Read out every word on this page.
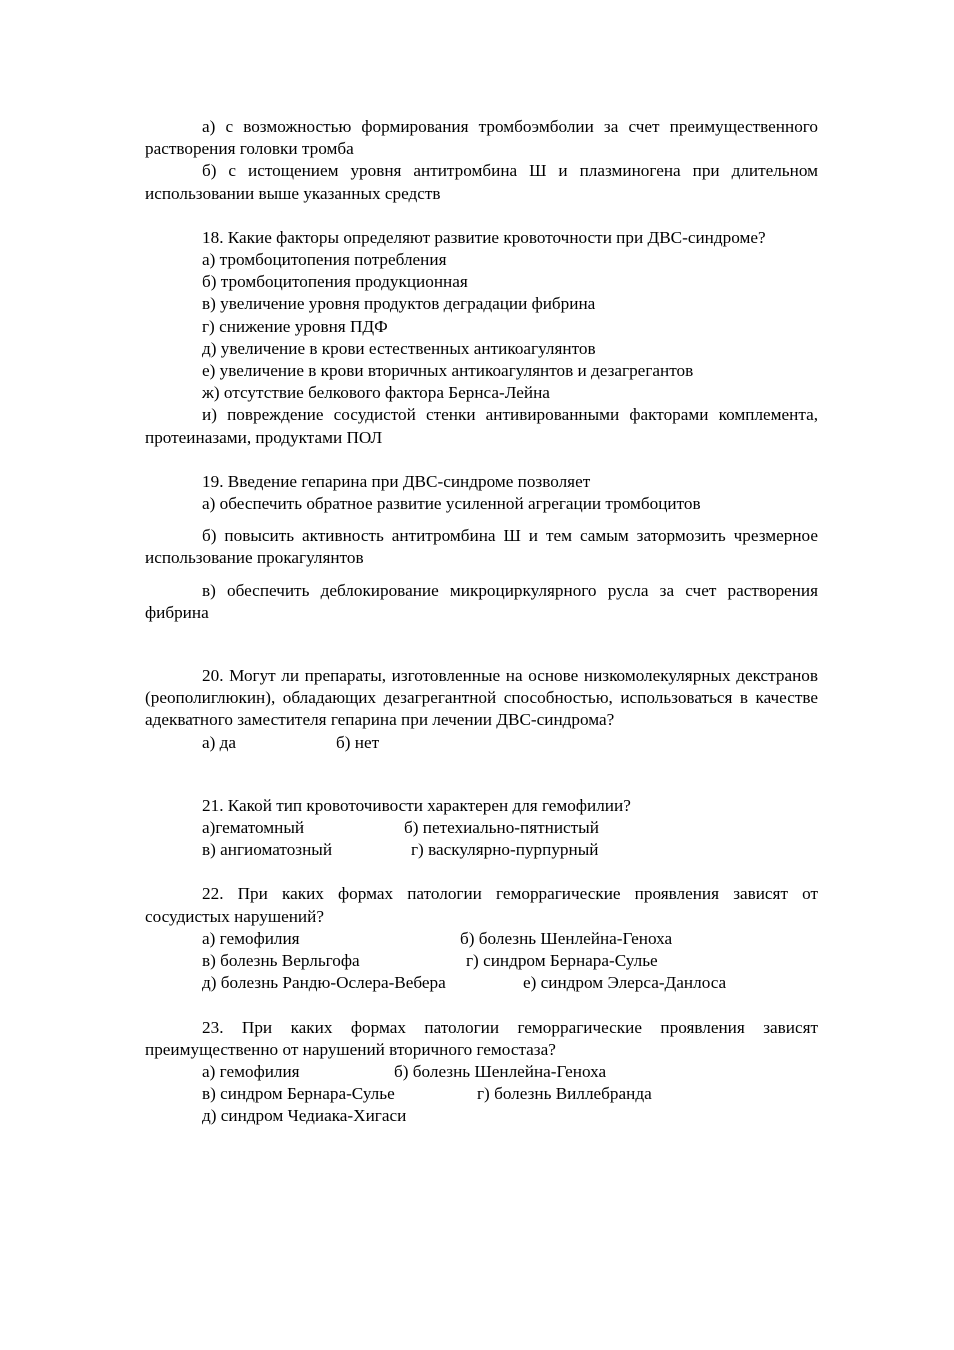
а) с возможностью формирования тромбоэмболии за счет преимущественного растворения головки тромба

б) с истощением уровня антитромбина Ш и плазминогена при длительном использовании выше указанных средств

18. Какие факторы определяют развитие кровоточности при ДВС-синдроме?

а) тромбоцитопения потребления
б) тромбоцитопения продукционная
в) увеличение уровня продуктов деградации фибрина
г) снижение уровня ПДФ
д) увеличение в крови естественных антикоагулянтов
е) увеличение в крови вторичных антикоагулянтов и дезагрегантов
ж) отсутствие белкового фактора Бернса-Лейна

и) повреждение сосудистой стенки антивированными факторами комплемента, протеиназами, продуктами ПОЛ

19. Введение гепарина при ДВС-синдроме позволяет

а) обеспечить обратное развитие усиленной агрегации тромбоцитов

б) повысить активность антитромбина Ш и тем самым затормозить чрезмерное использование прокагулянтов

в) обеспечить деблокирование микроциркулярного русла за счет растворения фибрина

20. Могут ли препараты, изготовленные на основе низкомолекулярных декстранов (реополиглюкин), обладающих дезагрегантной способностью, использоваться в качестве адекватного заместителя гепарина при лечении ДВС-синдрома?

а) да	б) нет

21. Какой тип кровоточивости характерен для гемофилии?

а)гематомный	б) петехиально-пятнистый
в) ангиоматозный	г) васкулярно-пурпурный

22. При каких формах патологии геморрагические проявления зависят от сосудистых нарушений?

а) гемофилия	б) болезнь Шенлейна-Геноха
в) болезнь Верльгофа	г) синдром Бернара-Сулье
д) болезнь Рандю-Ослера-Вебера	е) синдром Элерса-Данлоса

23. При каких формах патологии геморрагические проявления зависят преимущественно от нарушений вторичного гемостаза?

а) гемофилия	б) болезнь Шенлейна-Геноха
в) синдром Бернара-Сулье	г) болезнь Виллебранда
д) синдром Чедиака-Хигаси
